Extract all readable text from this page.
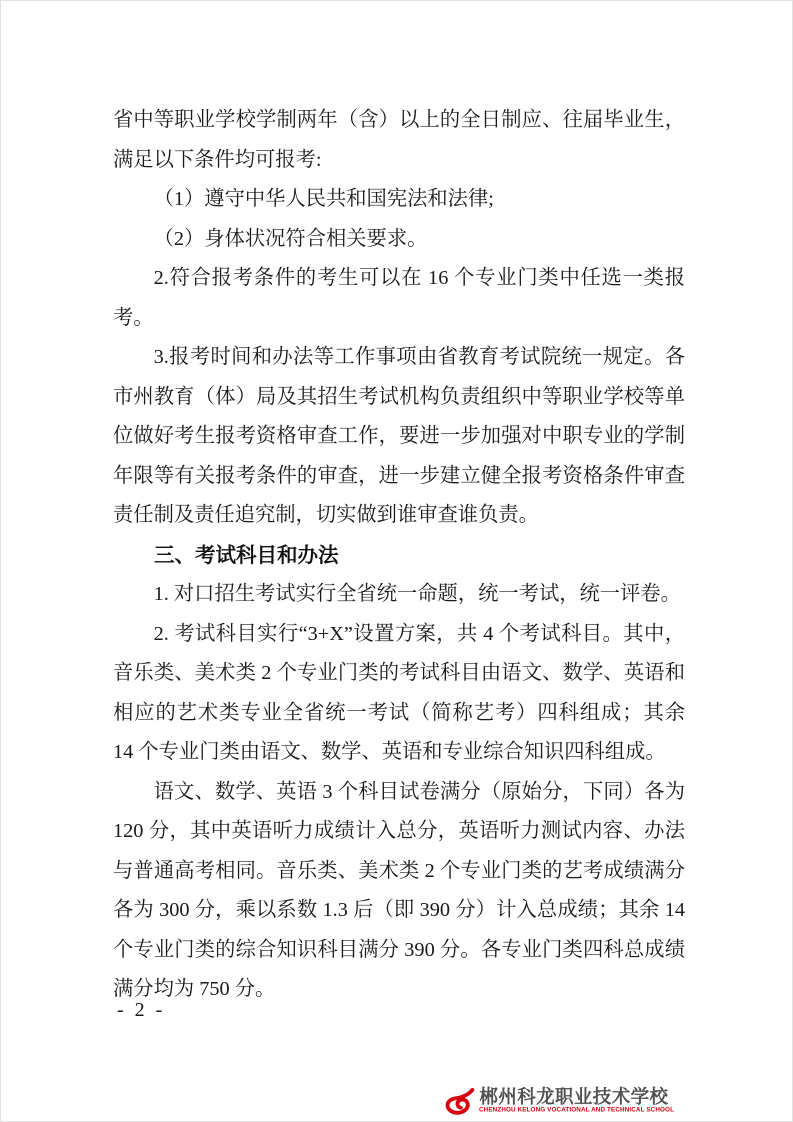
省中等职业学校学制两年（含）以上的全日制应、往届毕业生，满足以下条件均可报考:

（1）遵守中华人民共和国宪法和法律;

（2）身体状况符合相关要求。

2.符合报考条件的考生可以在 16 个专业门类中任选一类报考。

3.报考时间和办法等工作事项由省教育考试院统一规定。各市州教育（体）局及其招生考试机构负责组织中等职业学校等单位做好考生报考资格审查工作，要进一步加强对中职专业的学制年限等有关报考条件的审查，进一步建立健全报考资格条件审查责任制及责任追究制，切实做到谁审查谁负责。

三、考试科目和办法

1. 对口招生考试实行全省统一命题，统一考试，统一评卷。

2. 考试科目实行“3+X”设置方案，共 4 个考试科目。其中，音乐类、美术类 2 个专业门类的考试科目由语文、数学、英语和相应的艺术类专业全省统一考试（简称艺考）四科组成；其余 14 个专业门类由语文、数学、英语和专业综合知识四科组成。

语文、数学、英语 3 个科目试卷满分（原始分，下同）各为 120 分，其中英语听力成绩计入总分，英语听力测试内容、办法与普通高考相同。音乐类、美术类 2 个专业门类的艺考成绩满分各为 300 分，乘以系数 1.3 后（即 390 分）计入总成绩；其余 14 个专业门类的综合知识科目满分 390 分。各专业门类四科总成绩满分均为 750 分。

- 2 -
郴州科龙职业技术学校
CHENZHOU KELONG VOCATIONAL AND TECHNICAL SCHOOL
